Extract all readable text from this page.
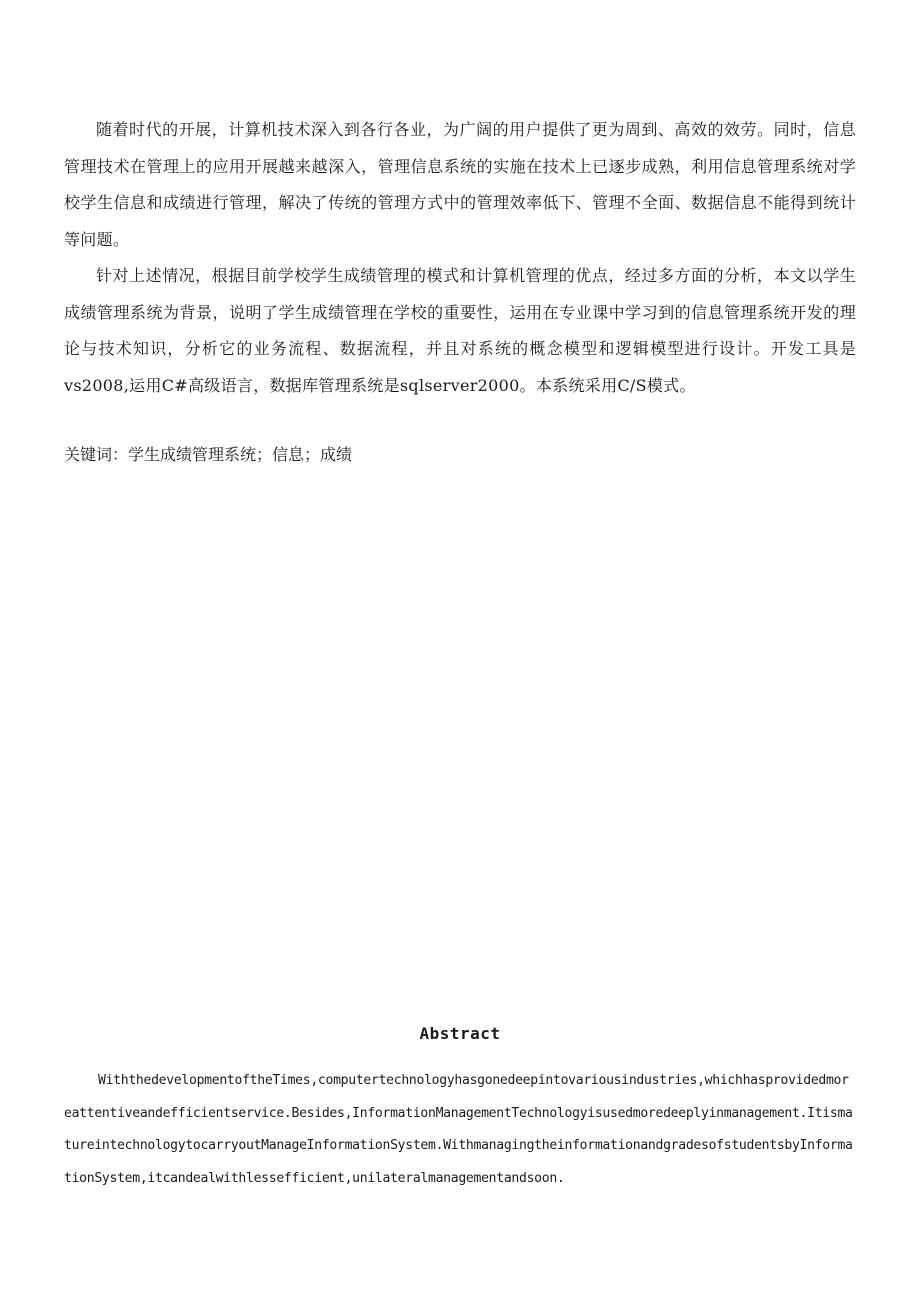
随着时代的开展，计算机技术深入到各行各业，为广阔的用户提供了更为周到、高效的效劳。同时，信息管理技术在管理上的应用开展越来越深入，管理信息系统的实施在技术上已逐步成熟，利用信息管理系统对学校学生信息和成绩进行管理，解决了传统的管理方式中的管理效率低下、管理不全面、数据信息不能得到统计等问题。

针对上述情况，根据目前学校学生成绩管理的模式和计算机管理的优点，经过多方面的分析，本文以学生成绩管理系统为背景，说明了学生成绩管理在学校的重要性，运用在专业课中学习到的信息管理系统开发的理论与技术知识，分析它的业务流程、数据流程，并且对系统的概念模型和逻辑模型进行设计。开发工具是vs2008,运用C#高级语言，数据库管理系统是sqlserver2000。本系统采用C/S模式。

关键词：学生成绩管理系统；信息；成绩

Abstract

WiththedevelopmentoftheTimes,computertechnologyhasgonedeepintovariousindustries,whichhasprovidedmoreattentiveandefficientservice.Besides,InformationManagementTechnologyisusedmoredeeplyinmanagement.ItismatureintechnologytocarryoutManageInformationSystem.WithmanagingtheinformationandgradesofstudentsbyInformationSystem,itcandealwithlessefficient,unilateralmanagementandsoon.
